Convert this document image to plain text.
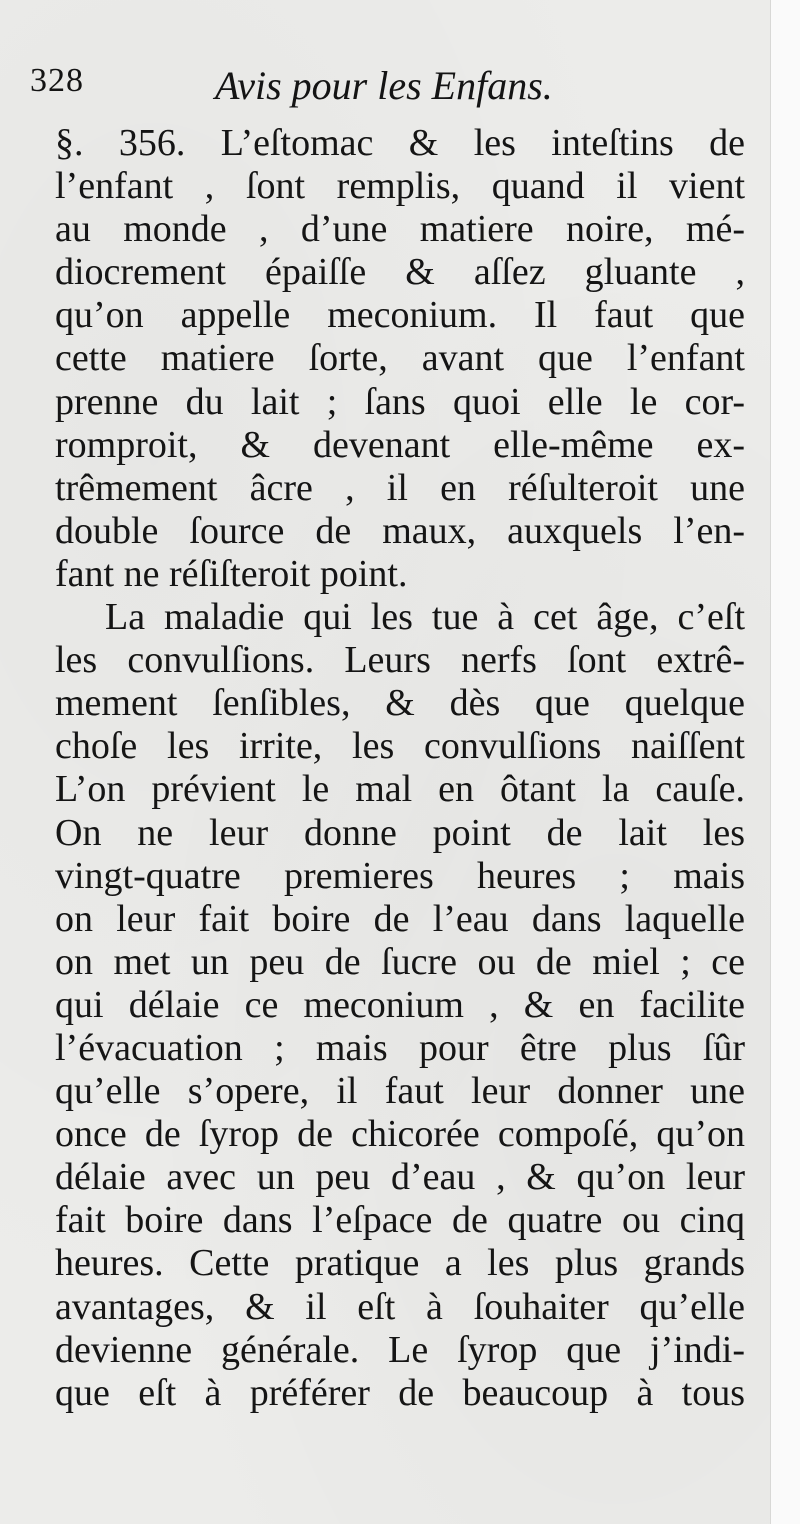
328	Avis pour les Enfans.
§. 356. L’eſtomac & les inteſtins de
l’enfant , ſont remplis, quand il vient
au monde , d’une matiere noire, mé-
diocrement épaiſſe & aſſez gluante ,
qu’on appelle meconium. Il faut que
cette matiere ſorte, avant que l’enfant
prenne du lait ; ſans quoi elle le cor-
romproit, & devenant elle-même ex-
trêmement âcre , il en réſulteroit une
double ſource de maux, auxquels l’en-
fant ne réſiſteroit point.
La maladie qui les tue à cet âge, c’eſt
les convulſions. Leurs nerfs ſont extrê-
mement ſenſibles, & dès que quelque
choſe les irrite, les convulſions naiſſent
L’on prévient le mal en ôtant la cauſe.
On ne leur donne point de lait les
vingt-quatre premieres heures ; mais
on leur fait boire de l’eau dans laquelle
on met un peu de ſucre ou de miel ; ce
qui délaie ce meconium , & en facilite
l’évacuation ; mais pour être plus ſûr
qu’elle s’opere, il faut leur donner une
once de ſyrop de chicorée compoſé, qu’on
délaie avec un peu d’eau , & qu’on leur
fait boire dans l’eſpace de quatre ou cinq
heures. Cette pratique a les plus grands
avantages, & il eſt à ſouhaiter qu’elle
devienne générale. Le ſyrop que j’indi-
que eſt à préférer de beaucoup à tous
